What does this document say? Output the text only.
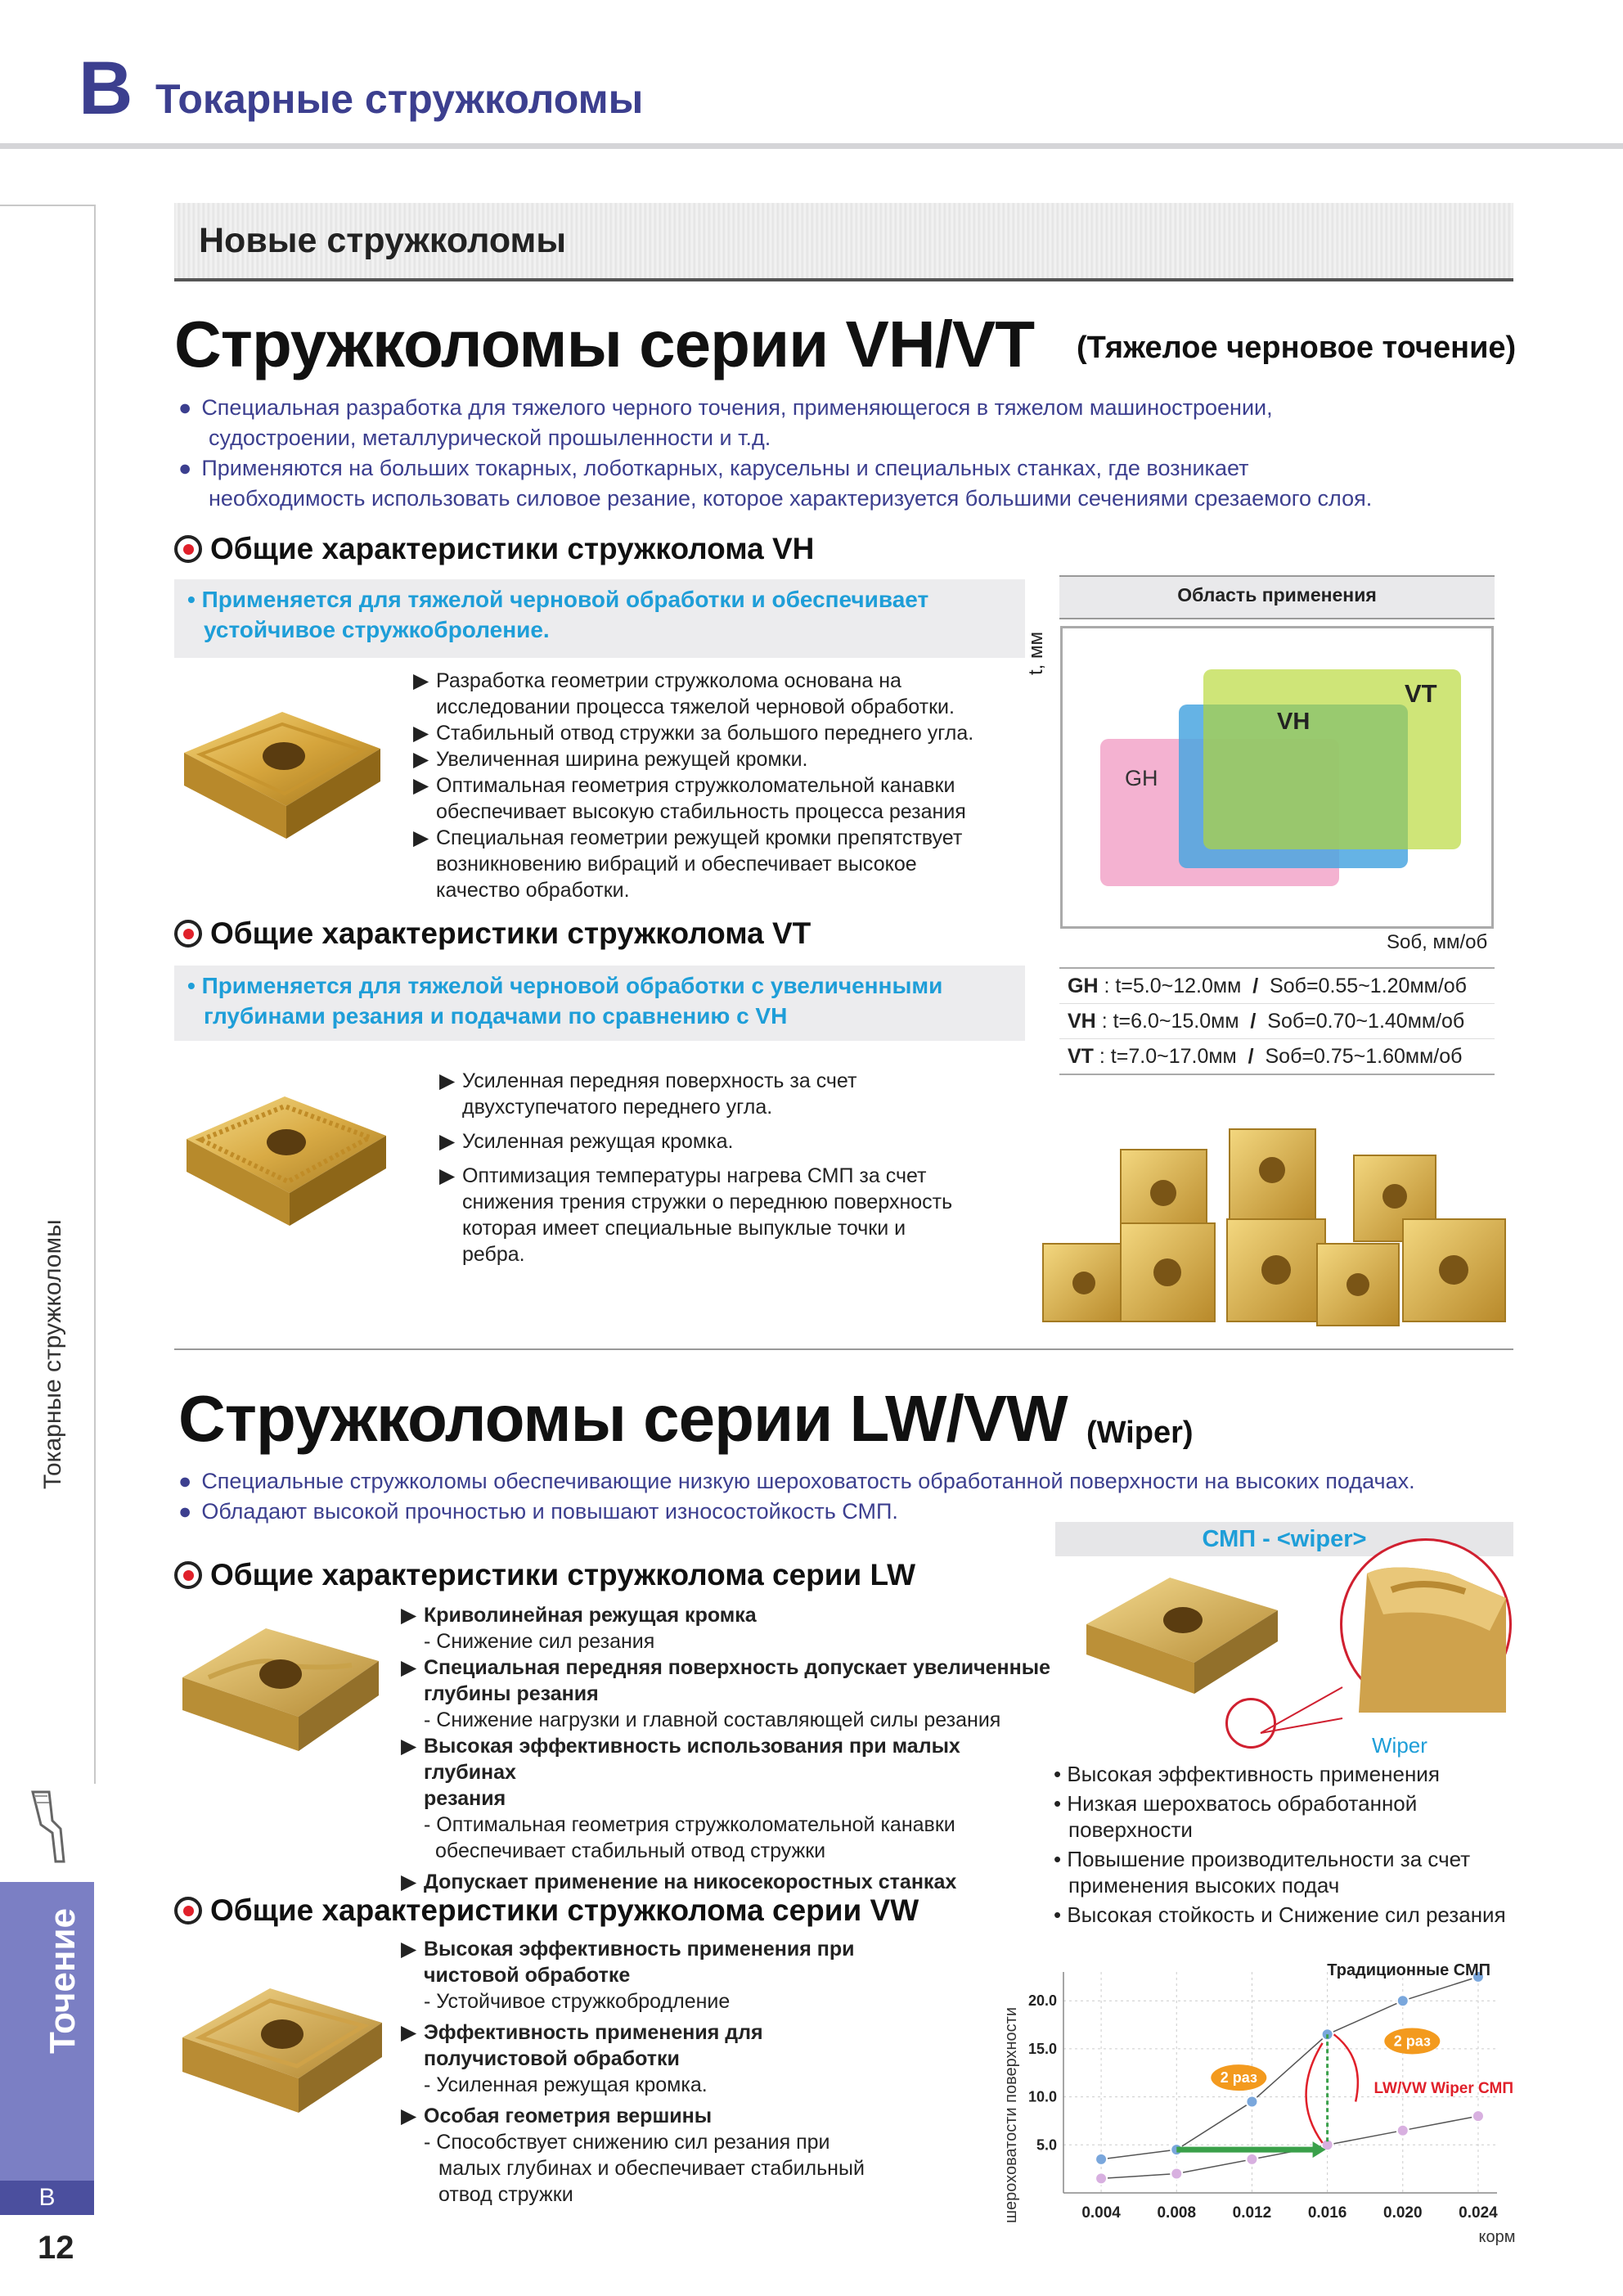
B Токарные стружколомы
Токарные стружколомы
Точение
B
12
Новые стружколомы
Стружколомы серии VH/VT (Тяжелое черновое точение)
● Специальная разработка для тяжелого черного точения, применяющегося в тяжелом машиностроении,
судостроении, металлурической прошыленности и т.д.
● Применяются на больших токарных, лоботкарных, карусельны и специальных станках, где возникает
необходимость использовать силовое резание, которое характеризуется большими сечениями срезаемого слоя.
Общие характеристики стружколома VH
• Применяется для тяжелой черновой обработки и обеспечивает
устойчивое стружкоброление.
▶ Разработка геометрии стружколома основана на
исследовании процесса тяжелой черновой обработки.
▶ Стабильный отвод стружки за большого переднего угла.
▶ Увеличенная ширина режущей кромки.
▶ Оптимальная геометрия стружколомательной канавки
обеспечивает высокую стабильность процесса резания
▶ Специальная геометрии режущей кромки препятствует
возникновению вибраций и обеспечивает высокое
качество обработки.
Область применения
t, мм
GH
VH
VT
Sоб, мм/об
GH : t=5.0~12.0мм / Sоб=0.55~1.20мм/об
VH : t=6.0~15.0мм / Sоб=0.70~1.40мм/об
VT : t=7.0~17.0мм / Sоб=0.75~1.60мм/об
Общие характеристики стружколома VT
• Применяется для тяжелой черновой обработки с увеличенными
глубинами резания и подачами по сравнению с VH
▶ Усиленная передняя поверхность за счет
двухступечатого переднего угла.
▶ Усиленная режущая кромка.
▶ Оптимизация температуры нагрева СМП за счет
снижения трения стружки о переднюю поверхность
которая имеет специальные выпуклые точки и
ребра.
Стружколомы серии LW/VW (Wiper)
● Специальные стружколомы обеспечивающие низкую шероховатость обработанной поверхности на высоких подачах.
● Обладают высокой прочностью и повышают износостойкость СМП.
Общие характеристики стружколома серии LW
▶ Криволинейная режущая кромка
- Снижение сил резания
▶ Специальная передняя поверхность допускает увеличенные
глубины резания
- Снижение нагрузки и главной составляющей силы резания
▶ Высокая эффективность использования при малых глубинах
резания
- Оптимальная геометрия стружколомательной канавки
обеспечивает стабильный отвод стружки
▶ Допускает применение на никосекоростных станках
СМП - <wiper>
Wiper
• Высокая эффективность применения
• Низкая шерохватось обработанной
поверхности
• Повышение производительности за счет
применения высоких подач
• Высокая стойкость и Снижение сил резания
Общие характеристики стружколома серии VW
▶ Высокая эффективность применения при
чистовой обработке
- Устойчивое стружкобродление
▶ Эффективность применения для
получистовой обработки
- Усиленная режущая кромка.
▶ Особая геометрия вершины
- Способствует снижению сил резания при
малых глубинах и обеспечивает стабильный
отвод стружки
0.004 0.008 0.012 0.016 0.020 0.024
5.0
10.0
15.0
20.0
шероховатости поверхности
корм
Традиционные СМП
LW/VW Wiper СМП
2 раз
2 раз
